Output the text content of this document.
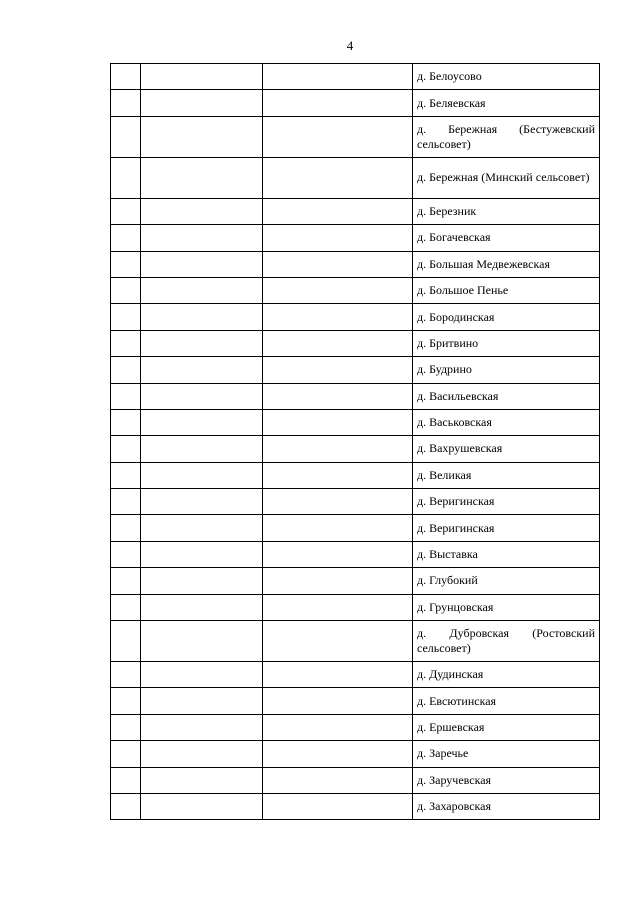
4
			д. Белоусово
			д. Беляевская
			д. Бережная (Бестужевский сельсовет)
			д. Бережная (Минский сельсовет)
			д. Березник
			д. Богачевская
			д. Большая Медвежевская
			д. Большое Пенье
			д. Бородинская
			д. Бритвино
			д. Будрино
			д. Васильевская
			д. Васьковская
			д. Вахрушевская
			д. Великая
			д. Веригинская
			д. Веригинская
			д. Выставка
			д. Глубокий
			д. Грунцовская
			д. Дубровская (Ростовский сельсовет)
			д. Дудинская
			д. Евсютинская
			д. Ершевская
			д. Заречье
			д. Заручевская
			д. Захаровская
